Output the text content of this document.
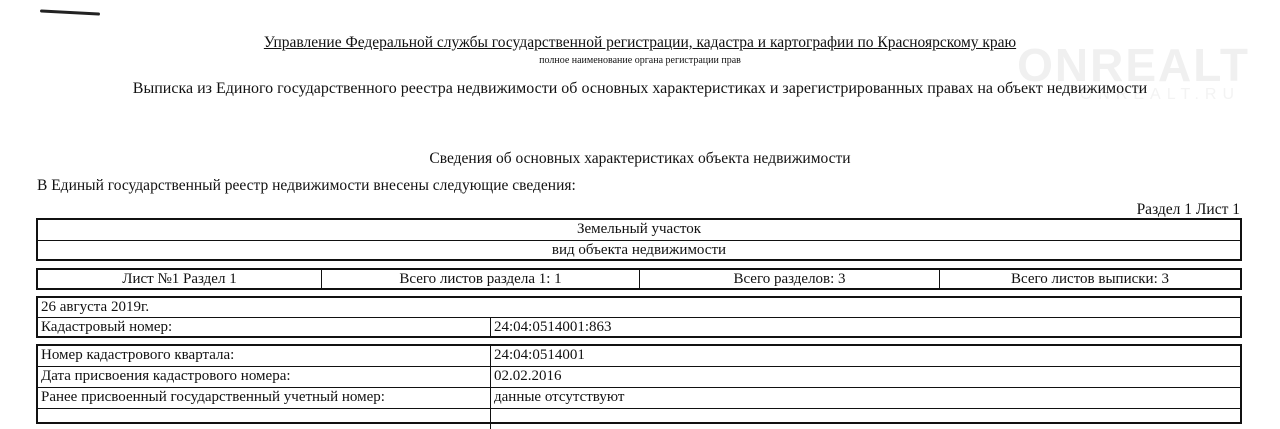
ONREALT
ONREALT.RU
Управление Федеральной службы государственной регистрации, кадастра и картографии по Красноярскому краю
полное наименование органа регистрации прав
Выписка из Единого государственного реестра недвижимости об основных характеристиках и зарегистрированных правах на объект недвижимости
Сведения об основных характеристиках объекта недвижимости
В Единый государственный реестр недвижимости внесены следующие сведения:
Раздел 1 Лист 1
Земельный участок
вид объекта недвижимости
Лист №1 Раздел 1	Всего листов раздела 1: 1	Всего разделов: 3	Всего листов выписки: 3
26 августа 2019г.
Кадастровый номер:	24:04:0514001:863
Номер кадастрового квартала:	24:04:0514001
Дата присвоения кадастрового номера:	02.02.2016
Ранее присвоенный государственный учетный номер:	данные отсутствуют
